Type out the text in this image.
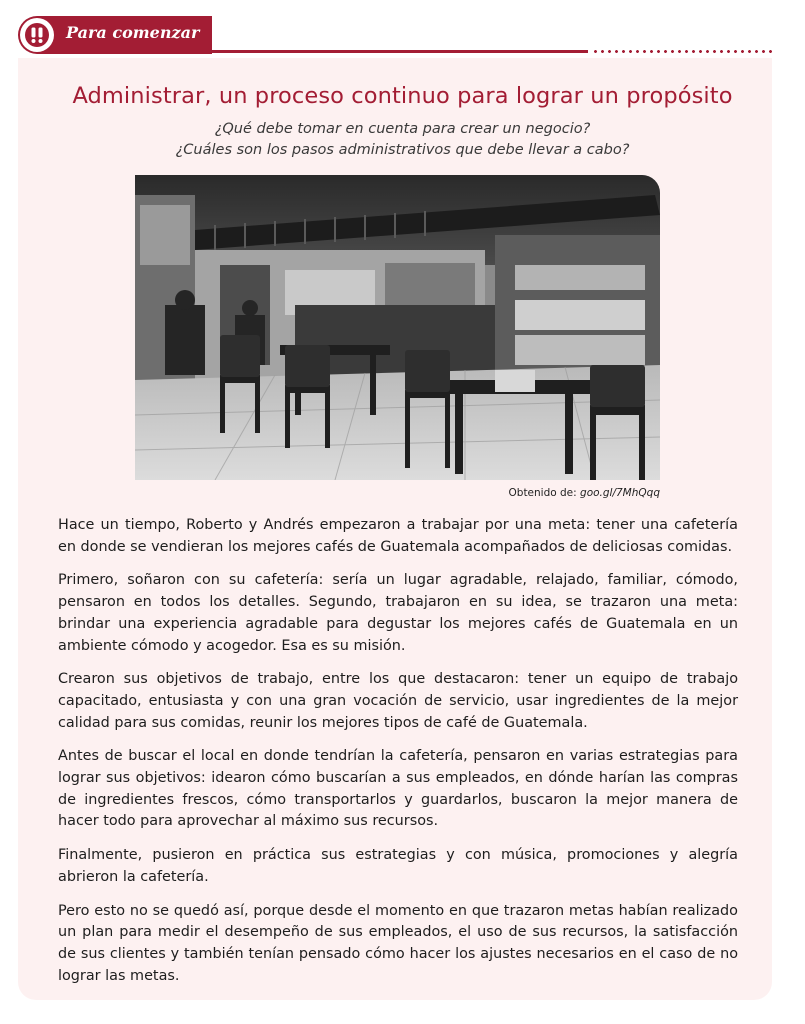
Para comenzar
Administrar, un proceso continuo para lograr un propósito
¿Qué debe tomar en cuenta para crear un negocio?
¿Cuáles son los pasos administrativos que debe llevar a cabo?
Obtenido de: goo.gl/7MhQqq

Hace un tiempo, Roberto y Andrés empezaron a trabajar por una meta: tener una cafetería en donde se vendieran los mejores cafés de Guatemala acompañados de deliciosas comidas.

Primero, soñaron con su cafetería: sería un lugar agradable, relajado, familiar, cómodo, pensaron en todos los detalles. Segundo, trabajaron en su idea, se trazaron una meta: brindar una experiencia agradable para degustar los mejores cafés de Guatemala en un ambiente cómodo y acogedor. Esa es su misión.

Crearon sus objetivos de trabajo, entre los que destacaron: tener un equipo de trabajo capacitado, entusiasta y con una gran vocación de servicio, usar ingredientes de la mejor calidad para sus comidas, reunir los mejores tipos de café de Guatemala.

Antes de buscar el local en donde tendrían la cafetería, pensaron en varias estrategias para lograr sus objetivos: idearon cómo buscarían a sus empleados, en dónde harían las compras de ingredientes frescos, cómo transportarlos y guardarlos, buscaron la mejor manera de hacer todo para aprovechar al máximo sus recursos.

Finalmente, pusieron en práctica sus estrategias y con música, promociones y alegría abrieron la cafetería.

Pero esto no se quedó así, porque desde el momento en que trazaron metas habían realizado un plan para medir el desempeño de sus empleados, el uso de sus recursos, la satisfacción de sus clientes y también tenían pensado cómo hacer los ajustes necesarios en el caso de no lograr las metas.
